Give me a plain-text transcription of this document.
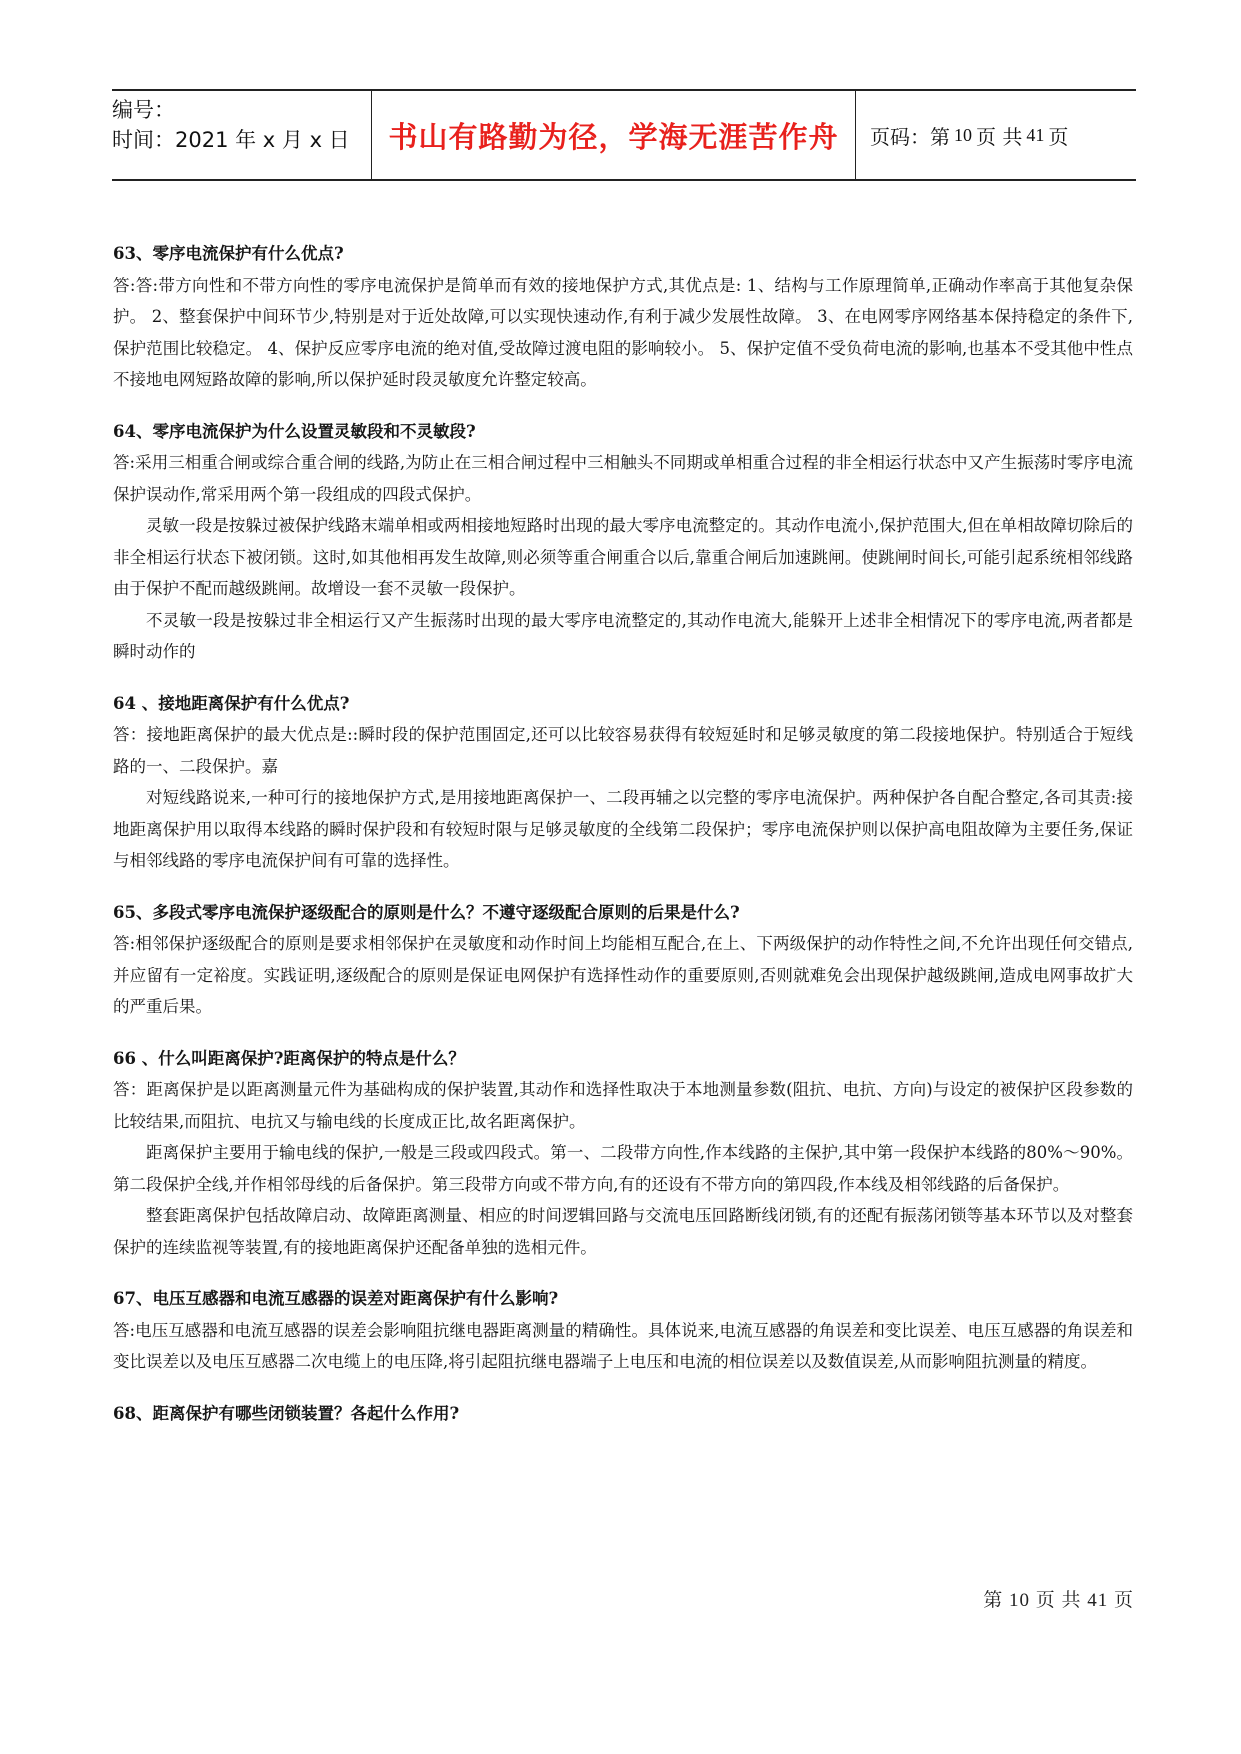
编号：
时间：2021 年 x 月 x 日	书山有路勤为径，学海无涯苦作舟 页码：第 10 页 共 41 页
63、零序电流保护有什么优点?

答:答:带方向性和不带方向性的零序电流保护是简单而有效的接地保护方式,其优点是: 1、结构与工作原理简单,正确动作率高于其他复杂保护。 2、整套保护中间环节少,特别是对于近处故障,可以实现快速动作,有利于减少发展性故障。 3、在电网零序网络基本保持稳定的条件下,保护范围比较稳定。 4、保护反应零序电流的绝对值,受故障过渡电阻的影响较小。 5、保护定值不受负荷电流的影响,也基本不受其他中性点不接地电网短路故障的影响,所以保护延时段灵敏度允许整定较高。

64、零序电流保护为什么设置灵敏段和不灵敏段?

答:采用三相重合闸或综合重合闸的线路,为防止在三相合闸过程中三相触头不同期或单相重合过程的非全相运行状态中又产生振荡时零序电流保护误动作,常采用两个第一段组成的四段式保护。

灵敏一段是按躲过被保护线路末端单相或两相接地短路时出现的最大零序电流整定的。其动作电流小,保护范围大,但在单相故障切除后的非全相运行状态下被闭锁。这时,如其他相再发生故障,则必须等重合闸重合以后,靠重合闸后加速跳闸。使跳闸时间长,可能引起系统相邻线路由于保护不配而越级跳闸。故增设一套不灵敏一段保护。

不灵敏一段是按躲过非全相运行又产生振荡时出现的最大零序电流整定的,其动作电流大,能躲开上述非全相情况下的零序电流,两者都是瞬时动作的

64 、接地距离保护有什么优点?

答：接地距离保护的最大优点是::瞬时段的保护范围固定,还可以比较容易获得有较短延时和足够灵敏度的第二段接地保护。特别适合于短线路的一、二段保护。嘉

对短线路说来,一种可行的接地保护方式,是用接地距离保护一、二段再辅之以完整的零序电流保护。两种保护各自配合整定,各司其责:接地距离保护用以取得本线路的瞬时保护段和有较短时限与足够灵敏度的全线第二段保护；零序电流保护则以保护高电阻故障为主要任务,保证与相邻线路的零序电流保护间有可靠的选择性。

65、多段式零序电流保护逐级配合的原则是什么？不遵守逐级配合原则的后果是什么?

答:相邻保护逐级配合的原则是要求相邻保护在灵敏度和动作时间上均能相互配合,在上、下两级保护的动作特性之间,不允许出现任何交错点,并应留有一定裕度。实践证明,逐级配合的原则是保证电网保护有选择性动作的重要原则,否则就难免会出现保护越级跳闸,造成电网事故扩大的严重后果。

66 、什么叫距离保护?距离保护的特点是什么？

答：距离保护是以距离测量元件为基础构成的保护装置,其动作和选择性取决于本地测量参数(阻抗、电抗、方向)与设定的被保护区段参数的比较结果,而阻抗、电抗又与输电线的长度成正比,故名距离保护。

距离保护主要用于输电线的保护,一般是三段或四段式。第一、二段带方向性,作本线路的主保护,其中第一段保护本线路的80%～90%。第二段保护全线,并作相邻母线的后备保护。第三段带方向或不带方向,有的还设有不带方向的第四段,作本线及相邻线路的后备保护。

整套距离保护包括故障启动、故障距离测量、相应的时间逻辑回路与交流电压回路断线闭锁,有的还配有振荡闭锁等基本环节以及对整套保护的连续监视等装置,有的接地距离保护还配备单独的选相元件。

67、电压互感器和电流互感器的误差对距离保护有什么影响?

答:电压互感器和电流互感器的误差会影响阻抗继电器距离测量的精确性。具体说来,电流互感器的角误差和变比误差、电压互感器的角误差和变比误差以及电压互感器二次电缆上的电压降,将引起阻抗继电器端子上电压和电流的相位误差以及数值误差,从而影响阻抗测量的精度。

68、距离保护有哪些闭锁装置？各起什么作用?
第 10 页 共 41 页
